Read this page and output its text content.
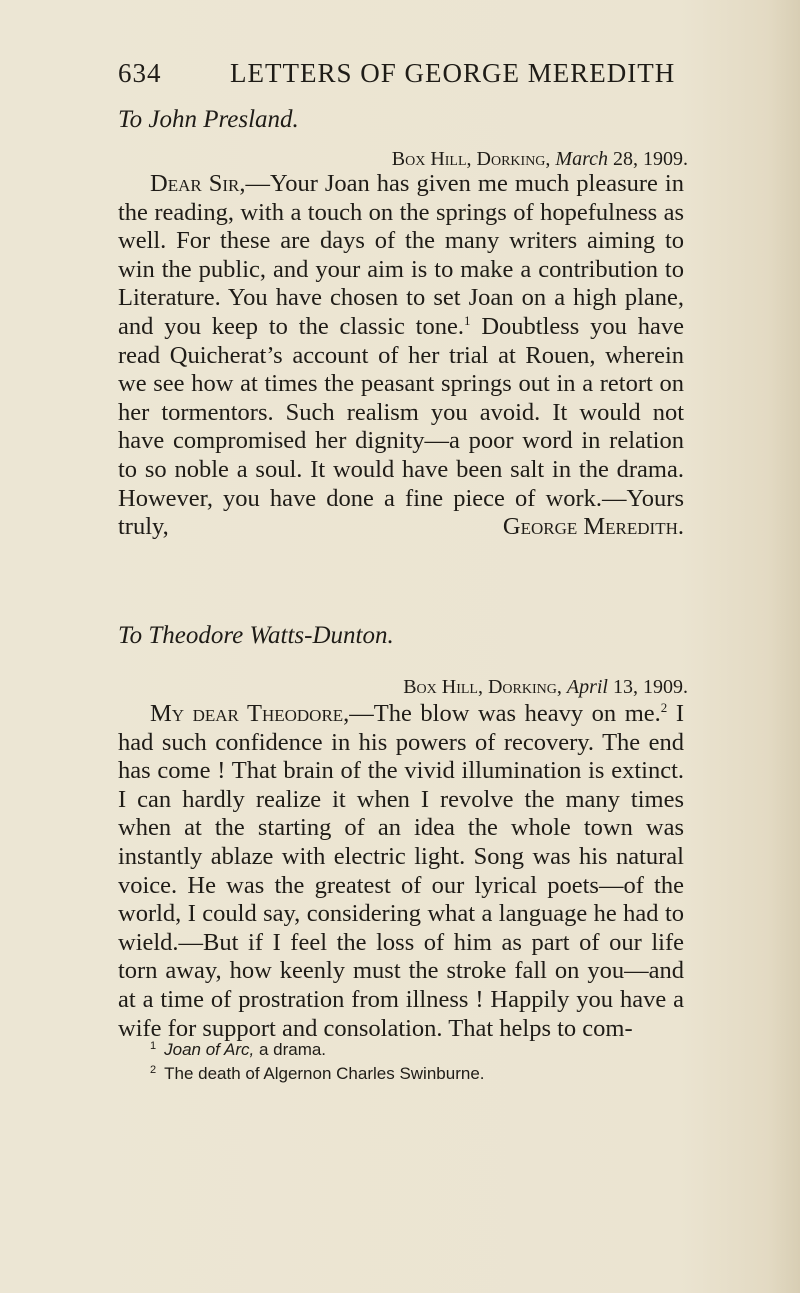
634	LETTERS OF GEORGE MEREDITH
To John Presland.
Box Hill, Dorking, March 28, 1909.

Dear Sir,—Your Joan has given me much pleasure in the reading, with a touch on the springs of hopefulness as well. For these are days of the many writers aiming to win the public, and your aim is to make a contribution to Literature. You have chosen to set Joan on a high plane, and you keep to the classic tone.$^1$ Doubtless you have read Quicherat’s account of her trial at Rouen, wherein we see how at times the peasant springs out in a retort on her tormentors. Such realism you avoid. It would not have compromised her dignity—a poor word in relation to so noble a soul. It would have been salt in the drama. However, you have done a fine piece of work.—Yours truly,	George Meredith.

To Theodore Watts-Dunton.
Box Hill, Dorking, April 13, 1909.

My dear Theodore,—The blow was heavy on me.$^2$ I had such confidence in his powers of recovery. The end has come ! That brain of the vivid illumination is extinct. I can hardly realize it when I revolve the many times when at the starting of an idea the whole town was instantly ablaze with electric light. Song was his natural voice. He was the greatest of our lyrical poets—of the world, I could say, considering what a language he had to wield.—But if I feel the loss of him as part of our life torn away, how keenly must the stroke fall on you—and at a time of prostration from illness ! Happily you have a wife for support and consolation. That helps to com-

$^1$ Joan of Arc, a drama.
$^2$ The death of Algernon Charles Swinburne.
